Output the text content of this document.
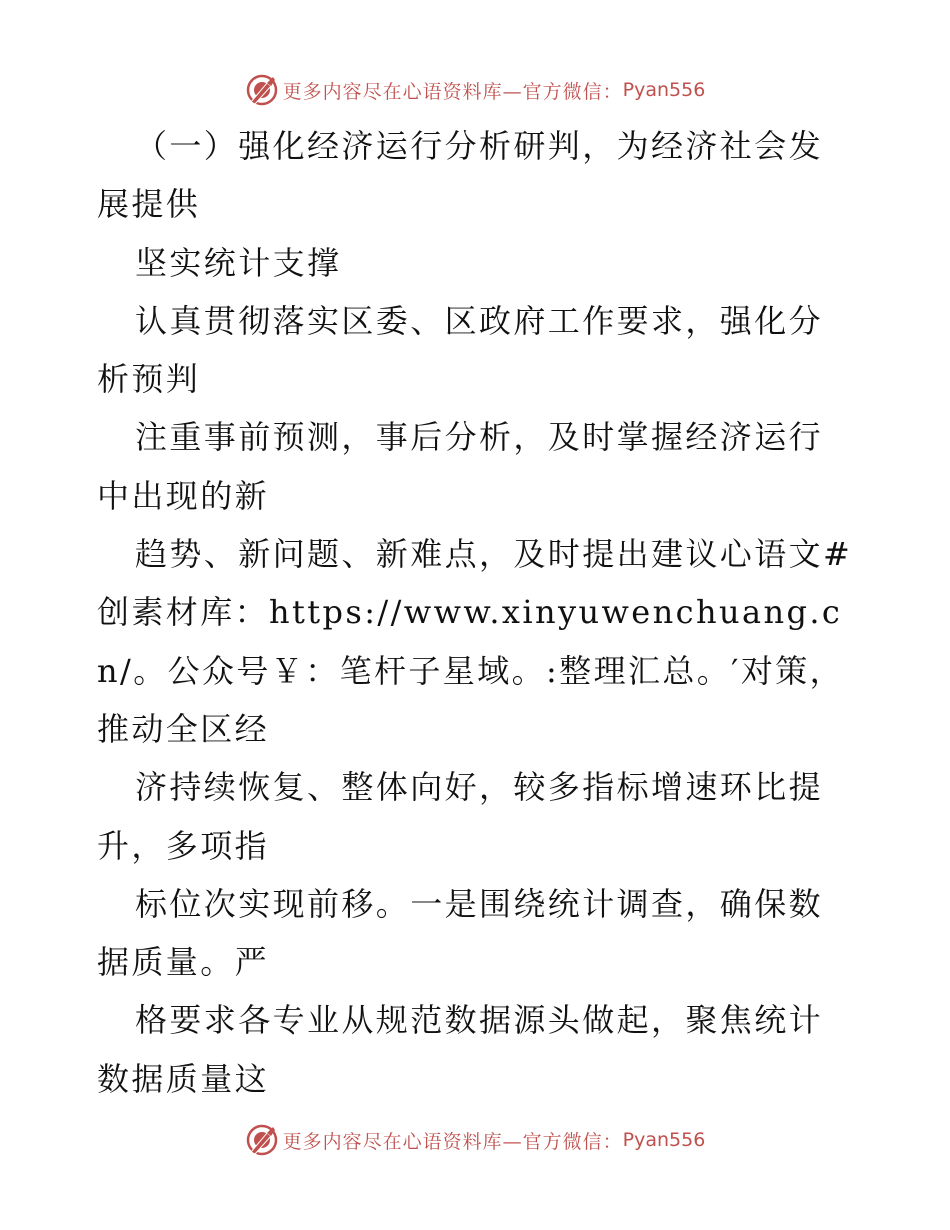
更多内容尽在心语资料库—官方微信： Pyan556

（一）强化经济运行分析研判，为经济社会发展提供

坚实统计支撑

认真贯彻落实区委、区政府工作要求，强化分析预判

注重事前预测，事后分析，及时掌握经济运行中出现的新

趋势、新问题、新难点，及时提出建议心语文#创素材库：https://www.xinyuwenchuang.cn/。公众号￥：笔杆子星域。:整理汇总。′对策，推动全区经

济持续恢复、整体向好，较多指标增速环比提升，多项指

标位次实现前移。一是围绕统计调查，确保数据质量。严

格要求各专业从规范数据源头做起，聚焦统计数据质量这

更多内容尽在心语资料库—官方微信： Pyan556
